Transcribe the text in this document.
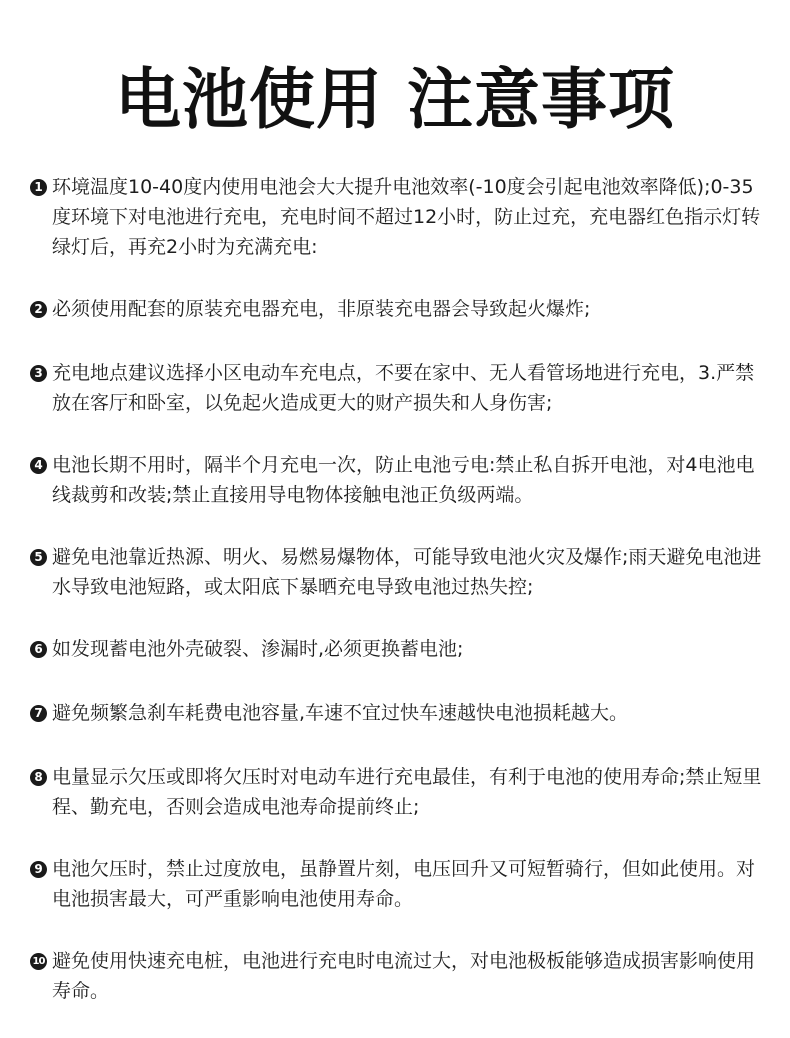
电池使用 注意事项
1 环境温度10-40度内使用电池会大大提升电池效率(-10度会引起电池效率降低);0-35度环境下对电池进行充电，充电时间不超过12小时，防止过充，充电器红色指示灯转绿灯后，再充2小时为充满充电:
2 必须使用配套的原装充电器充电，非原装充电器会导致起火爆炸;
3 充电地点建议选择小区电动车充电点，不要在家中、无人看管场地进行充电，3.严禁放在客厅和卧室，以免起火造成更大的财产损失和人身伤害;
4 电池长期不用时，隔半个月充电一次，防止电池亏电:禁止私自拆开电池，对4电池电线裁剪和改装;禁止直接用导电物体接触电池正负级两端。
5 避免电池靠近热源、明火、易燃易爆物体，可能导致电池火灾及爆作;雨天避免电池进水导致电池短路，或太阳底下暴晒充电导致电池过热失控;
6 如发现蓄电池外壳破裂、渗漏时,必须更换蓄电池;
7 避免频繁急刹车耗费电池容量,车速不宜过快车速越快电池损耗越大。
8 电量显示欠压或即将欠压时对电动车进行充电最佳，有利于电池的使用寿命;禁止短里程、勤充电，否则会造成电池寿命提前终止;
9 电池欠压时，禁止过度放电，虽静置片刻，电压回升又可短暂骑行，但如此使用。对电池损害最大，可严重影响电池使用寿命。
10 避免使用快速充电桩，电池进行充电时电流过大，对电池极板能够造成损害影响使用寿命。
